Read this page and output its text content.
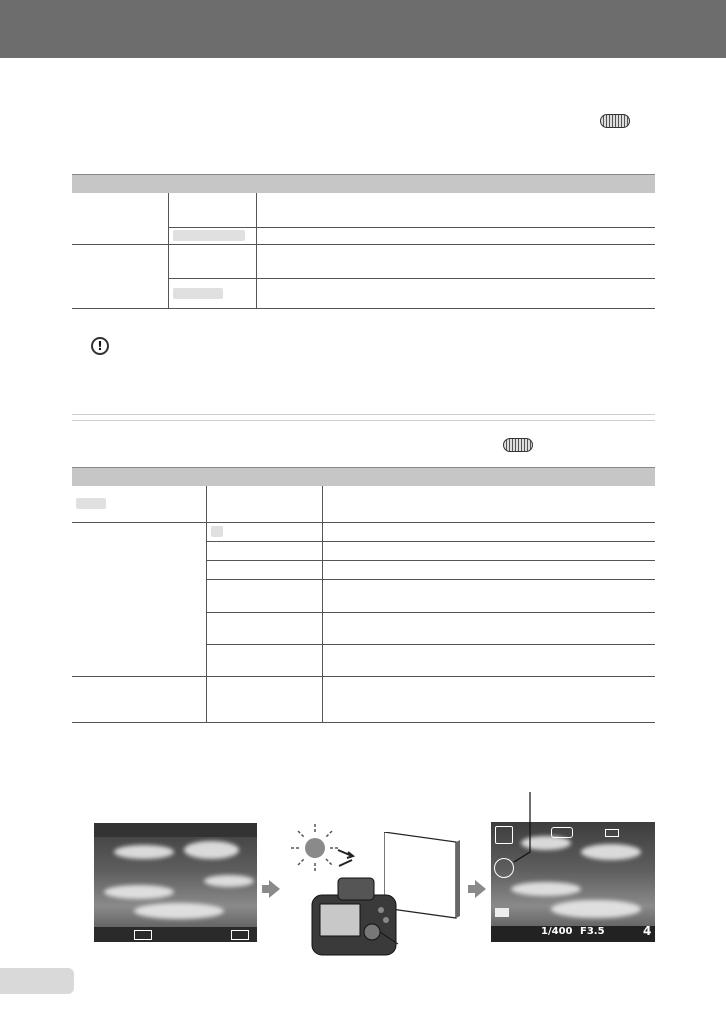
!

1/400 F3.5	4
